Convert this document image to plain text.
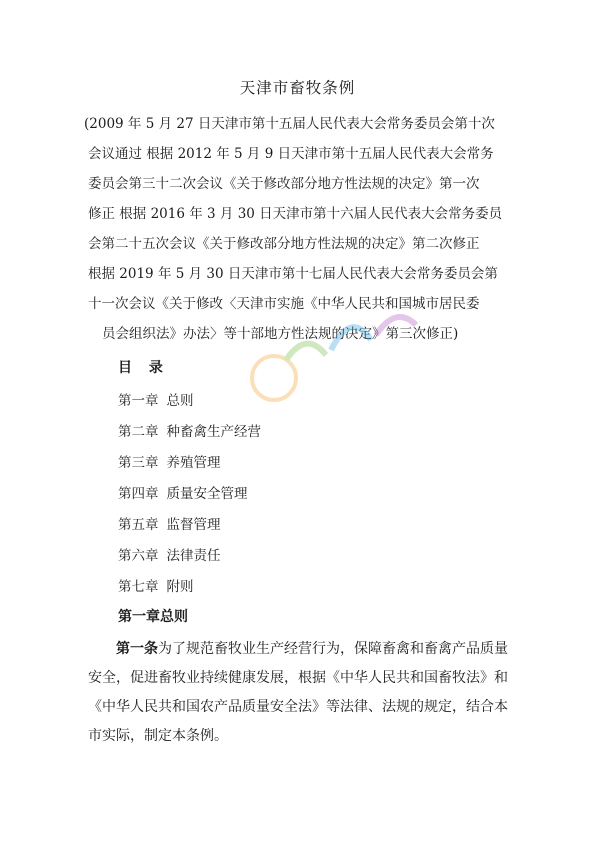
天津市畜牧条例
(2009 年 5 月 27 日天津市第十五届人民代表大会常务委员会第十次
会议通过 根据 2012 年 5 月 9 日天津市第十五届人民代表大会常务
委员会第三十二次会议《关于修改部分地方性法规的决定》第一次
修正 根据 2016 年 3 月 30 日天津市第十六届人民代表大会常务委员
会第二十五次会议《关于修改部分地方性法规的决定》第二次修正
根据 2019 年 5 月 30 日天津市第十七届人民代表大会常务委员会第
十一次会议《关于修改〈天津市实施《中华人民共和国城市居民委
员会组织法》办法〉等十部地方性法规的决定》第三次修正)
目 录
第一章 总则
第二章 种畜禽生产经营
第三章 养殖管理
第四章 质量安全管理
第五章 监督管理
第六章 法律责任
第七章 附则
第一章总则
第一条为了规范畜牧业生产经营行为，保障畜禽和畜禽产品质量
安全，促进畜牧业持续健康发展，根据《中华人民共和国畜牧法》和
《中华人民共和国农产品质量安全法》等法律、法规的规定，结合本
市实际，制定本条例。
